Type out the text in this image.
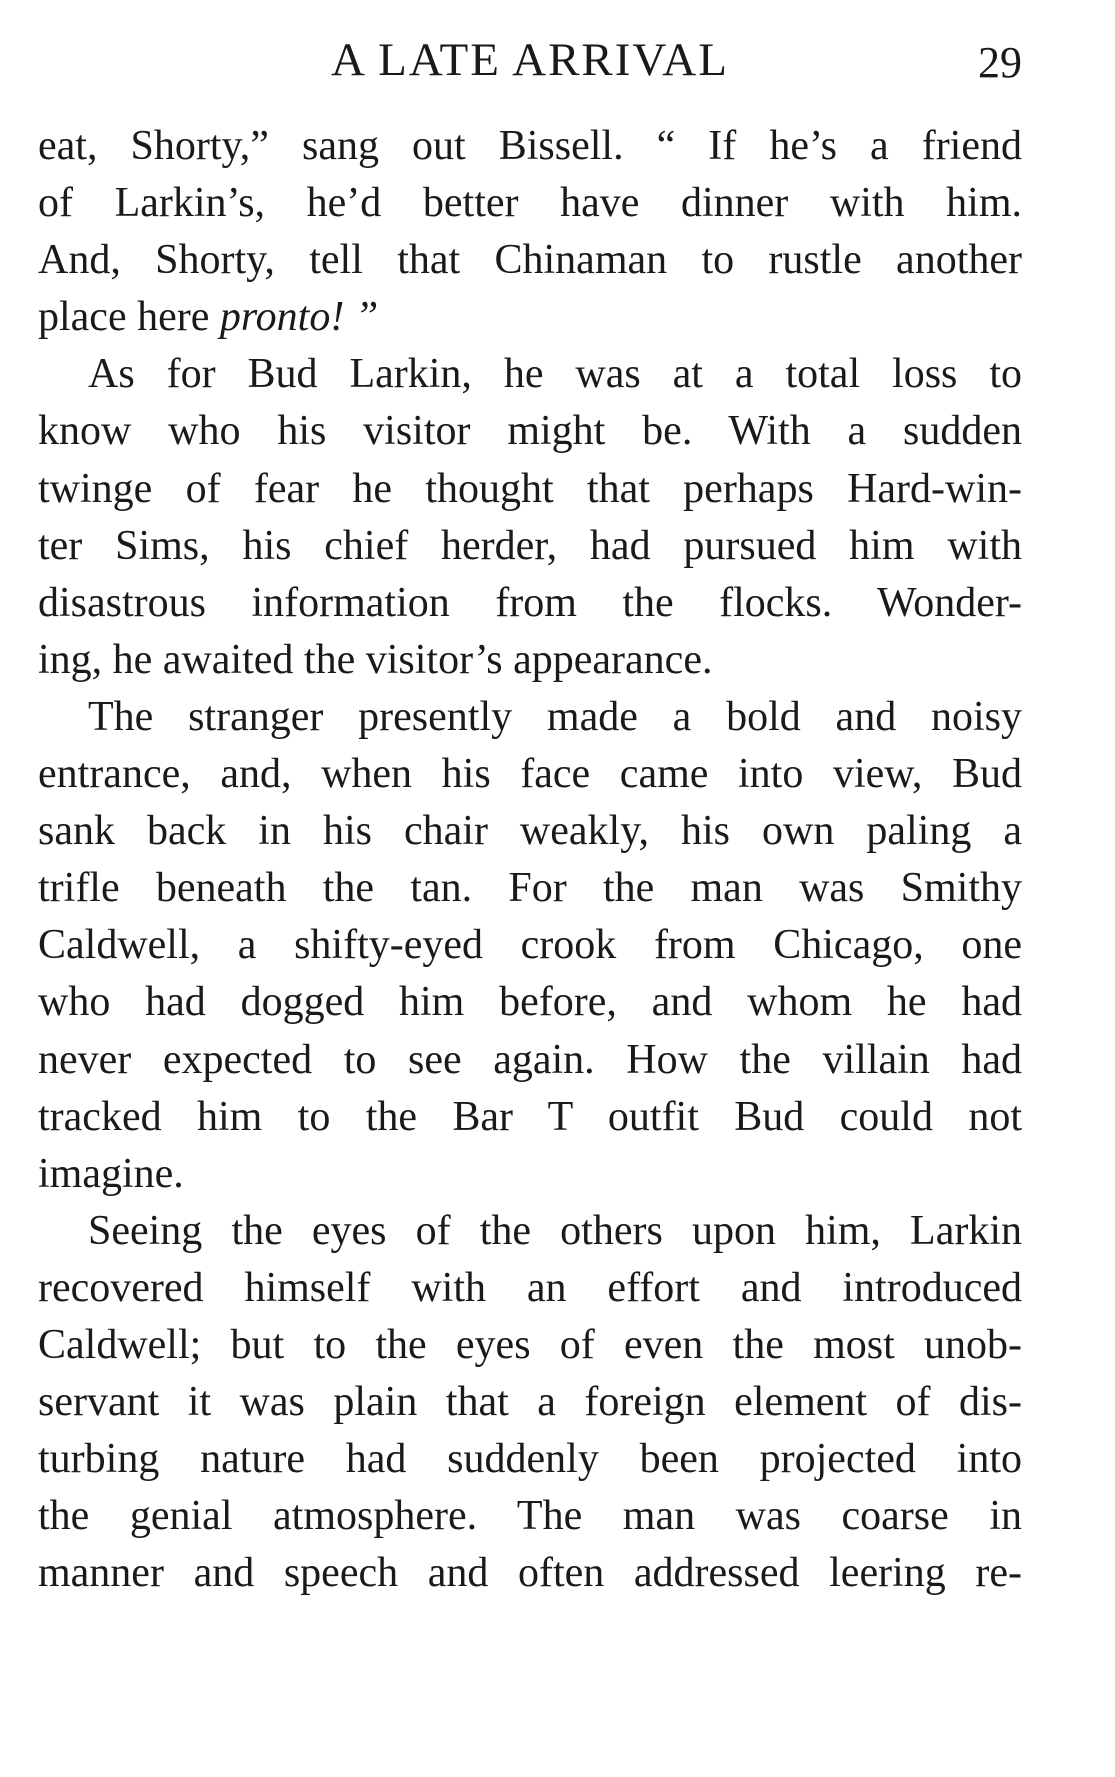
A LATE ARRIVAL	29

eat, Shorty,” sang out Bissell. “ If he’s a friend
of Larkin’s, he’d better have dinner with him.
And, Shorty, tell that Chinaman to rustle another
place here pronto! ”

As for Bud Larkin, he was at a total loss to
know who his visitor might be. With a sudden
twinge of fear he thought that perhaps Hard-win-
ter Sims, his chief herder, had pursued him with
disastrous information from the flocks. Wonder-
ing, he awaited the visitor’s appearance.

The stranger presently made a bold and noisy
entrance, and, when his face came into view, Bud
sank back in his chair weakly, his own paling a
trifle beneath the tan. For the man was Smithy
Caldwell, a shifty-eyed crook from Chicago, one
who had dogged him before, and whom he had
never expected to see again. How the villain had
tracked him to the Bar T outfit Bud could not
imagine.

Seeing the eyes of the others upon him, Larkin
recovered himself with an effort and introduced
Caldwell; but to the eyes of even the most unob-
servant it was plain that a foreign element of dis-
turbing nature had suddenly been projected into
the genial atmosphere. The man was coarse in
manner and speech and often addressed leering re-
